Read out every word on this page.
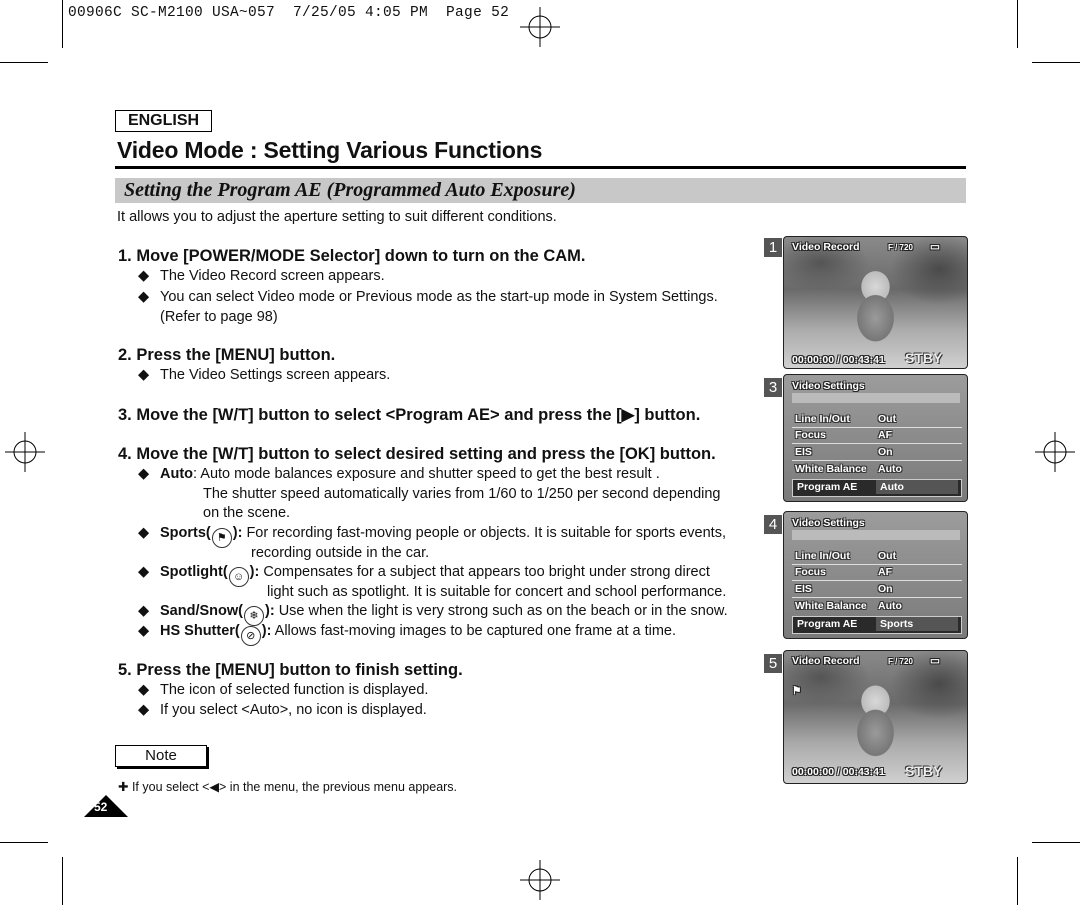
00906C SC-M2100 USA~057  7/25/05 4:05 PM  Page 52
ENGLISH
Video Mode : Setting Various Functions
Setting the Program AE (Programmed Auto Exposure)
It allows you to adjust the aperture setting to suit different conditions.
1. Move [POWER/MODE Selector] down to turn on the CAM.
◆ The Video Record screen appears.
◆ You can select Video mode or Previous mode as the start-up mode in System Settings.
(Refer to page 98)
2. Press the [MENU] button.
◆ The Video Settings screen appears.
3. Move the [W/T] button to select <Program AE> and press the [▶] button.
4. Move the [W/T] button to select desired setting and press the [OK] button.
◆ Auto: Auto mode balances exposure and shutter speed to get the best result .
The shutter speed automatically varies from 1/60 to 1/250 per second depending
on the scene.
◆ Sports( ⚑ ): For recording fast-moving people or objects. It is suitable for sports events,
recording outside in the car.
◆ Spotlight( ☺ ): Compensates for a subject that appears too bright under strong direct
light such as spotlight. It is suitable for concert and school performance.
◆ Sand/Snow( ❄ ): Use when the light is very strong such as on the beach or in the snow.
◆ HS Shutter( ⊘ ): Allows fast-moving images to be captured one frame at a time.
5. Press the [MENU] button to finish setting.
◆ The icon of selected function is displayed.
◆ If you select <Auto>, no icon is displayed.
Note
✚ If you select <◀> in the menu, the previous menu appears.
52
1	Video Record	F / 720 ▭
00:00:00 / 00:43:41 STBY
3	Video Settings
Line In/Out	Out
Focus	AF
EIS	On
White Balance Auto
Program AE	Auto
4	Video Settings
Line In/Out	Out
Focus	AF
EIS	On
White Balance Auto
Program AE	Sports
5	Video Record	F / 720 ▭
⚑
00:00:00 / 00:43:41 STBY
